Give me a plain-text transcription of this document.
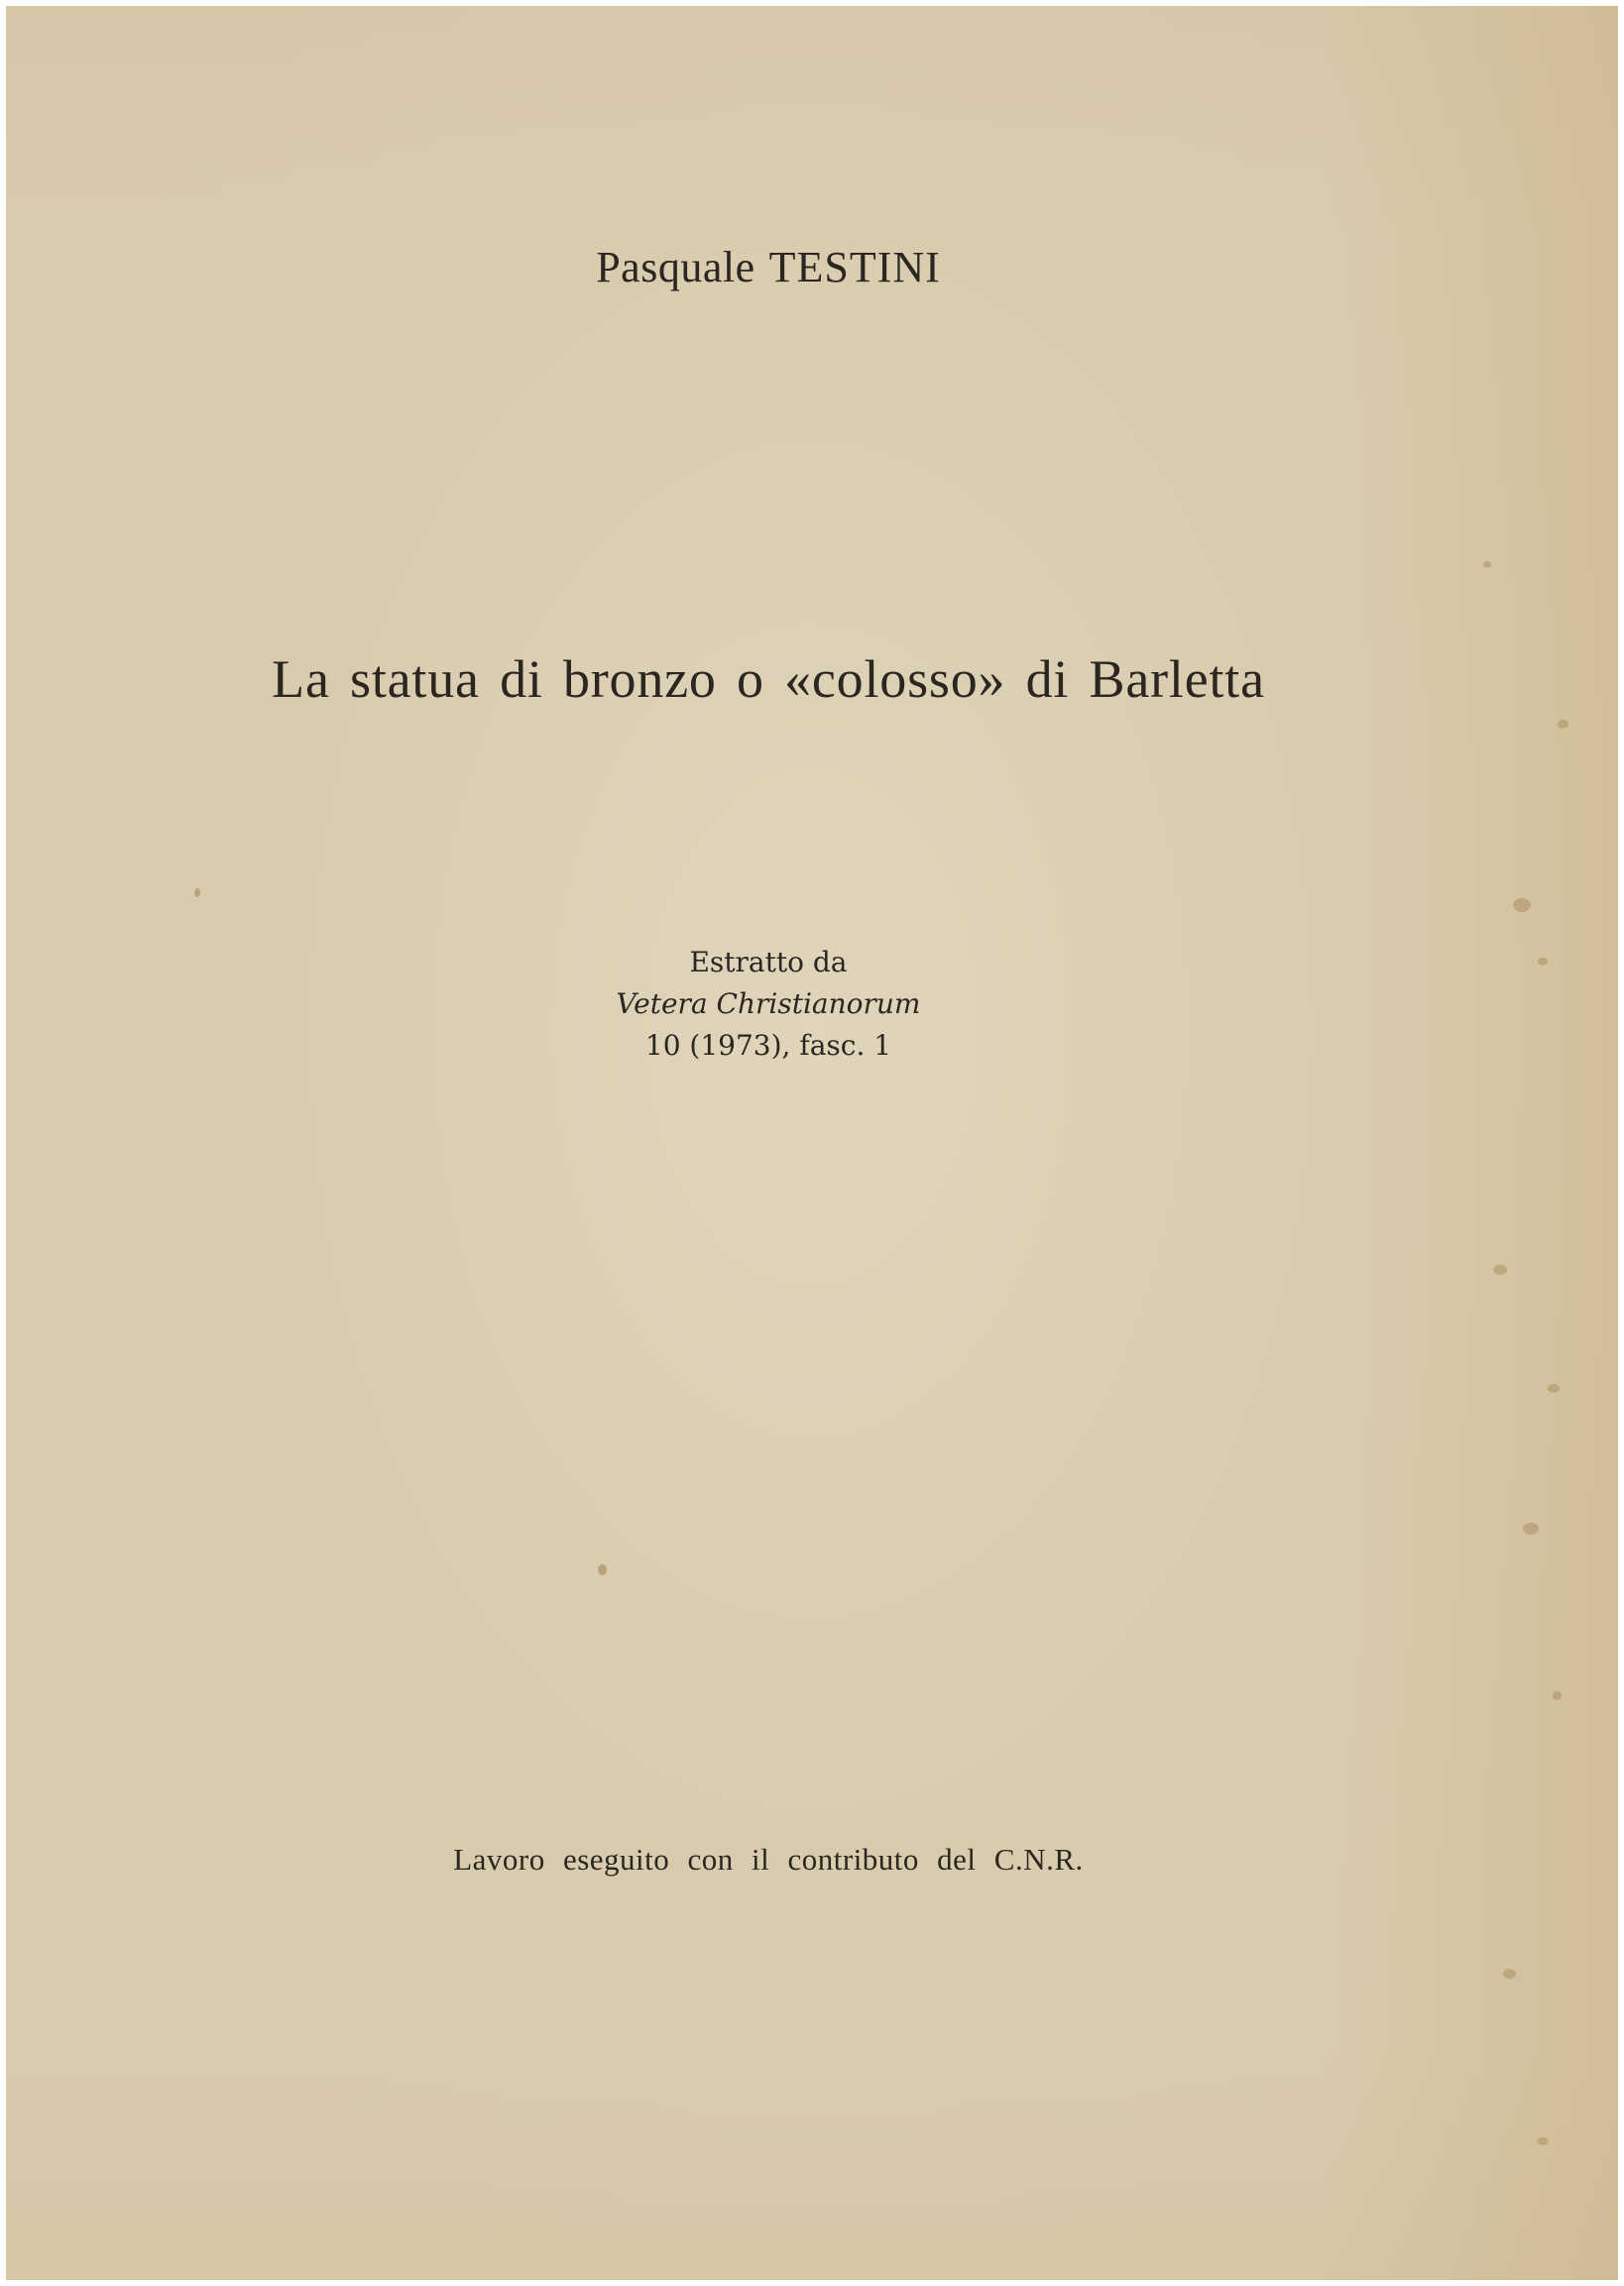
Pasquale TESTINI
La statua di bronzo o «colosso» di Barletta
Estratto da
Vetera Christianorum
10 (1973), fasc. 1
Lavoro eseguito con il contributo del C.N.R.
